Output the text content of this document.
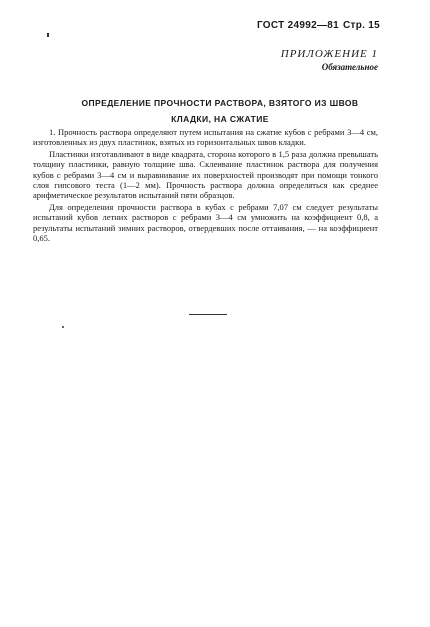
ГОСТ 24992—81 Стр. 15
ПРИЛОЖЕНИЕ 1
Обязательное
ОПРЕДЕЛЕНИЕ ПРОЧНОСТИ РАСТВОРА, ВЗЯТОГО ИЗ ШВОВ
КЛАДКИ, НА СЖАТИЕ

1. Прочность раствора определяют путем испытания на сжатие кубов с ребрами 3—4 см, изготовленных из двух пластинок, взятых из горизонтальных швов кладки.

Пластинки изготавливают в виде квадрата, сторона которого в 1,5 раза должна превышать толщину пластинки, равную толщине шва. Склеивание пластинок раствора для получения кубов с ребрами 3—4 см и выравнивание их поверхностей производят при помощи тонкого слоя гипсового теста (1—2 мм). Прочность раствора должна определяться как среднее арифметическое результатов испытаний пяти образцов.

Для определения прочности раствора в кубах с ребрами 7,07 см следует результаты испытаний кубов летних растворов с ребрами 3—4 см умножить на коэффициент 0,8, а результаты испытаний зимних растворов, отвердевших после оттаивания, — на коэффициент 0,65.
